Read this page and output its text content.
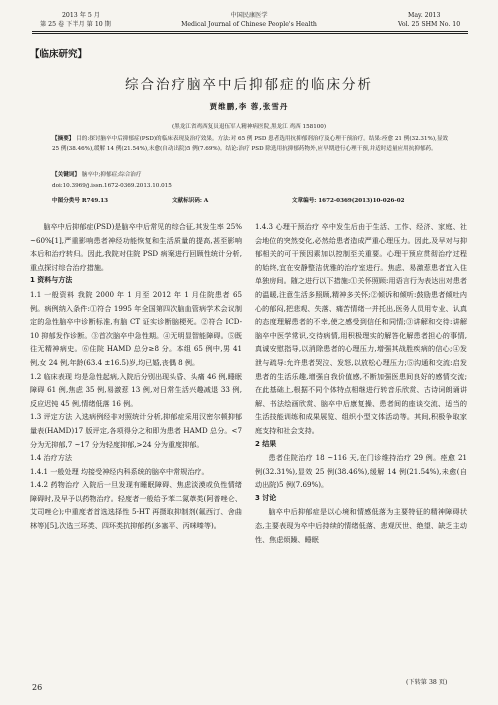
2013 年 5 月
第 25 卷 下半月 第 10 期
中国民康医学
Medical Journal of Chinese People's Health
May. 2013
Vol. 25 SHM No. 10
【临床研究】
综合治疗脑卒中后抑郁症的临床分析
贾维鹏,李 蓉,张雪丹
(黑龙江省鸡西复员退伍军人精神病医院,黑龙江 鸡西 158100)
【摘要】 目的:探讨脑卒中后抑郁症(PSD)的临床表现及治疗效果。方法:对 65 例 PSD 患者选用抗抑郁剂治疗及心理干预治疗。结果:痊愈 21 例(32.31%),显效 25 例(38.46%),缓解 14 例(21.54%),未愈(自动出院)5 例(7.69%)。结论:治疗 PSD 除选用抗抑郁药物外,应早期进行心理干预,并适时适量应用抗抑郁药。
【关键词】 脑卒中;抑郁症;综合治疗
doi:10.3969/j.issn.1672-0369.2013.10.015
中图分类号 R749.13	文献标识码: A	文章编号: 1672-0369(2013)10-026-02

脑卒中后抑郁症(PSD)是脑卒中后常见的综合征,其发生率 25% ~60%[1],严重影响患者神经功能恢复和生活质量的提高,甚至影响本后和治疗转归。因此,我院对住院 PSD 病案进行回顾性统计分析,重点探讨综合治疗措施。

1 资料与方法

1.1 一般资料 我院 2000 年 1 月至 2012 年 1 月住院患者 65 例。病例纳入条件:①符合 1995 年全国第四次脑血管病学术会议制定的急性脑卒中诊断标准,有脑 CT 证实诊断脑梗死。②符合 ICD-10 抑郁发作诊断。③首次脑卒中急性期。④无明显智能障碍。⑤既往无精神病史。⑥住院 HAMD 总分≥8 分。本组 65 例中,男 41 例,女 24 例,年龄(63.4 ±16.5)岁,均已婚,丧偶 8 例。

1.2 临床表现 均是急性起病,入院后分别出现头昏、头痛 46 例,睡眠障碍 61 例,焦虑 35 例,易激惹 13 例,对日常生活兴趣减退 33 例,反应迟钝 45 例,情绪低落 16 例。

1.3 评定方法 入选病例经非对照统计分析,抑郁症采用汉密尔顿抑郁量表(HAMD)17 版评定,各项得分之和即为患者 HAMD 总分。<7 分为无抑郁,7 ~17 分为轻度抑郁,>24 分为重度抑郁。

1.4 治疗方法

1.4.1 一般处理 均接受神经内科系统的脑卒中常规治疗。

1.4.2 药物治疗 入院后一旦发现有睡眠障碍、焦虑淡漠或负性情绪障碍时,及早予以药物治疗。轻度者一般给予苯二氮䓬类(阿普唑仑、艾司唑仑);中重度者首选选择性 5-HT 再摄取抑制剂(氟西汀、舍曲林等)[5],次选三环类、四环类抗抑郁药(多塞平、丙咪嗪等)。

1.4.3 心理干预治疗 卒中发生后由于生活、工作、经济、家庭、社会地位的突然变化,必然给患者造成严重心理压力。因此,及早对与抑郁相关的可干预因素加以控制至关重要。心理干预应贯彻治疗过程的始终,宜在安静整洁优雅的治疗室进行。焦虑、易激惹患者宜入住单独房间。随之进行以下措施:①关怀照顾:用语言行为表达出对患者的温暖,注意生活多照顾,精神多关怀;②倾诉和倾听:鼓励患者倾吐内心的郁闷,把悲观、失落、痛苦情绪一并托出,医务人员用专业、认真的态度理解患者的不幸,使之感受到信任和同情;③讲解和交待:讲解脑卒中医学常识,交待病情,用积极理实的解答化解患者担心的事情,真诚安慰指导,以消除患者的心理压力,增强其战胜疾病的信心;④发泄与疏导:允许患者哭泣、发怒,以放松心理压力;⑤沟通和交流:启发患者的生活乐趣,增强自我价值感,不断加强医患间良好的感情交流;在此基础上,根据不同个体特点相继进行转音乐欣赏、古诗词朗诵讲解、书法绘画欣赏、脑卒中后康复操、患者间的座谈交流、适当的生活技能训练和成果展览、组织小型文体活动等。其间,积极争取家庭支持和社会支持。

2 结果

患者住院治疗 18 ~116 天,在门诊维持治疗 29 例。痊愈 21 例(32.31%),显效 25 例(38.46%),缓解 14 例(21.54%),未愈(自动出院)5 例(7.69%)。

3 讨论

脑卒中后抑郁症是以心境和情感低落为主要特征的精神障碍状态,主要表现为卒中后持续的情绪低落、悲观厌世、绝望、缺乏主动性、焦虑烦躁、睡眠

(下转第 38 页)
26
